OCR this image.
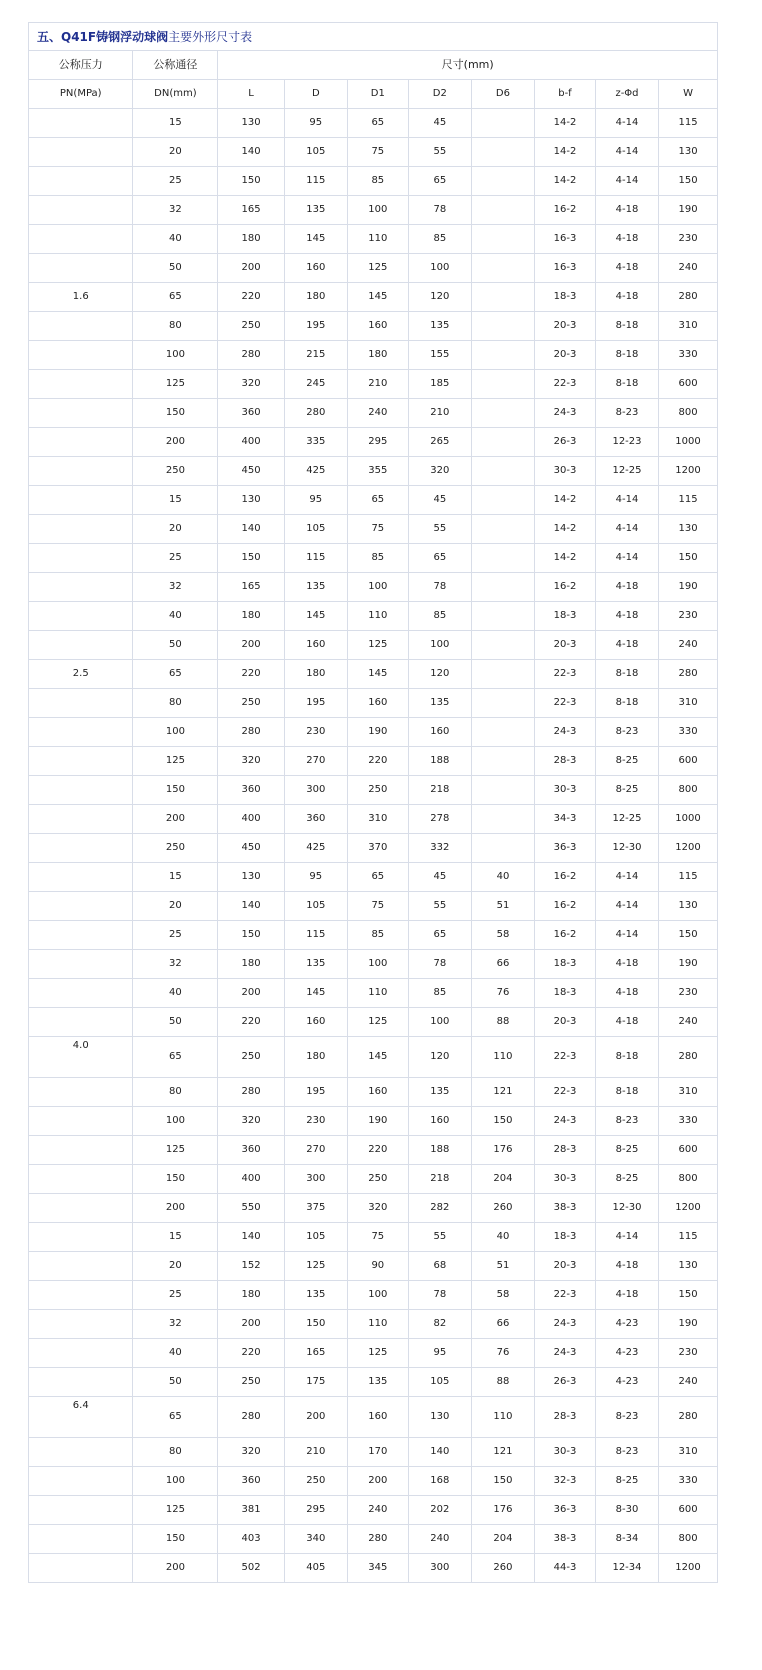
五、Q41F铸钢浮动球阀主要外形尺寸表									
公称压力	公称通径	尺寸(mm)							
PN(MPa)	DN(mm)	L	D	D1	D2	D6	b-f	z-Φd	W
	15	130	95	65	45		14-2	4-14	115
	20	140	105	75	55		14-2	4-14	130
	25	150	115	85	65		14-2	4-14	150
	32	165	135	100	78		16-2	4-18	190
	40	180	145	110	85		16-3	4-18	230
	50	200	160	125	100		16-3	4-18	240
1.6	65	220	180	145	120		18-3	4-18	280
	80	250	195	160	135		20-3	8-18	310
	100	280	215	180	155		20-3	8-18	330
	125	320	245	210	185		22-3	8-18	600
	150	360	280	240	210		24-3	8-23	800
	200	400	335	295	265		26-3	12-23	1000
	250	450	425	355	320		30-3	12-25	1200
	15	130	95	65	45		14-2	4-14	115
	20	140	105	75	55		14-2	4-14	130
	25	150	115	85	65		14-2	4-14	150
	32	165	135	100	78		16-2	4-18	190
	40	180	145	110	85		18-3	4-18	230
	50	200	160	125	100		20-3	4-18	240
2.5	65	220	180	145	120		22-3	8-18	280
	80	250	195	160	135		22-3	8-18	310
	100	280	230	190	160		24-3	8-23	330
	125	320	270	220	188		28-3	8-25	600
	150	360	300	250	218		30-3	8-25	800
	200	400	360	310	278		34-3	12-25	1000
	250	450	425	370	332		36-3	12-30	1200
	15	130	95	65	45	40	16-2	4-14	115
	20	140	105	75	55	51	16-2	4-14	130
	25	150	115	85	65	58	16-2	4-14	150
	32	180	135	100	78	66	18-3	4-18	190
	40	200	145	110	85	76	18-3	4-18	230
	50	220	160	125	100	88	20-3	4-18	240
4.0	65	250	180	145	120	110	22-3	8-18	280
	80	280	195	160	135	121	22-3	8-18	310
	100	320	230	190	160	150	24-3	8-23	330
	125	360	270	220	188	176	28-3	8-25	600
	150	400	300	250	218	204	30-3	8-25	800
	200	550	375	320	282	260	38-3	12-30	1200
	15	140	105	75	55	40	18-3	4-14	115
	20	152	125	90	68	51	20-3	4-18	130
	25	180	135	100	78	58	22-3	4-18	150
	32	200	150	110	82	66	24-3	4-23	190
	40	220	165	125	95	76	24-3	4-23	230
	50	250	175	135	105	88	26-3	4-23	240
6.4	65	280	200	160	130	110	28-3	8-23	280
	80	320	210	170	140	121	30-3	8-23	310
	100	360	250	200	168	150	32-3	8-25	330
	125	381	295	240	202	176	36-3	8-30	600
	150	403	340	280	240	204	38-3	8-34	800
	200	502	405	345	300	260	44-3	12-34	1200
